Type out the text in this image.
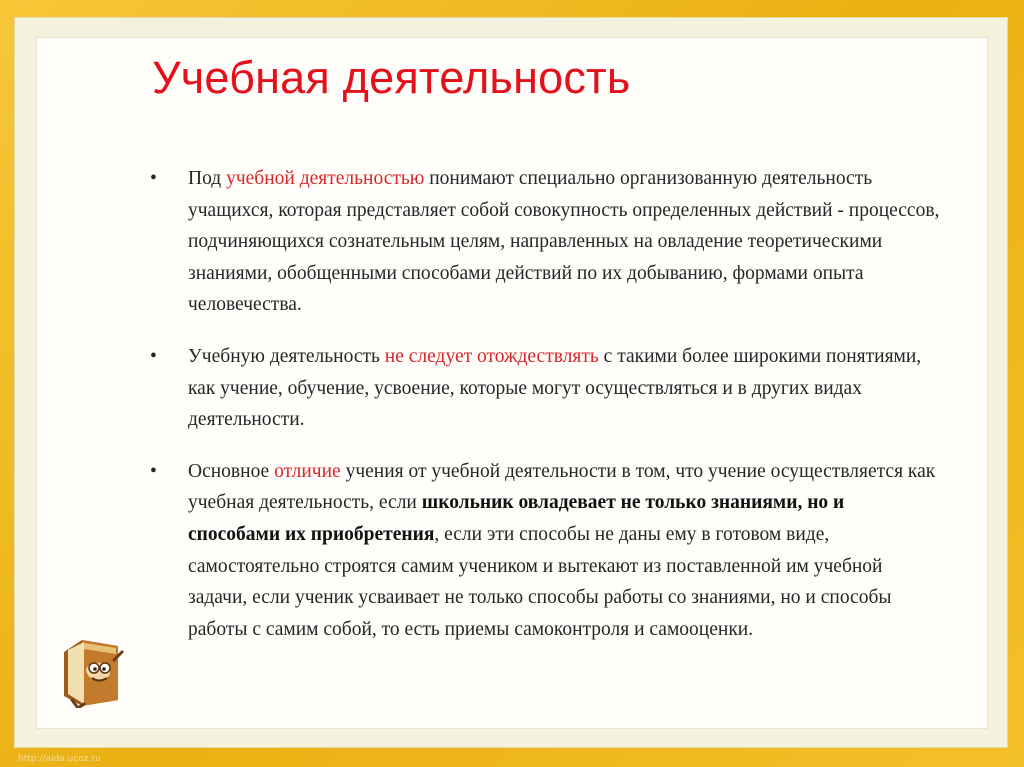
Учебная деятельность
• Под учебной деятельностью понимают специально организованную деятельность учащихся, которая представляет собой совокупность определенных действий - процессов, подчиняющихся сознательным целям, направленных на овладение теоретическими знаниями, обобщенными способами действий по их добыванию, формами опыта человечества.
• Учебную деятельность не следует отождествлять с такими более широкими понятиями, как учение, обучение, усвоение, которые могут осуществляться и в других видах деятельности.
• Основное отличие учения от учебной деятельности в том, что учение осуществляется как учебная деятельность, если школьник овладевает не только знаниями, но и способами их приобретения, если эти способы не даны ему в готовом виде, самостоятельно строятся самим учеником и вытекают из поставленной им учебной задачи, если ученик усваивает не только способы работы со знаниями, но и способы работы с самим собой, то есть приемы самоконтроля и самооценки.
http://aida.ucoz.ru
